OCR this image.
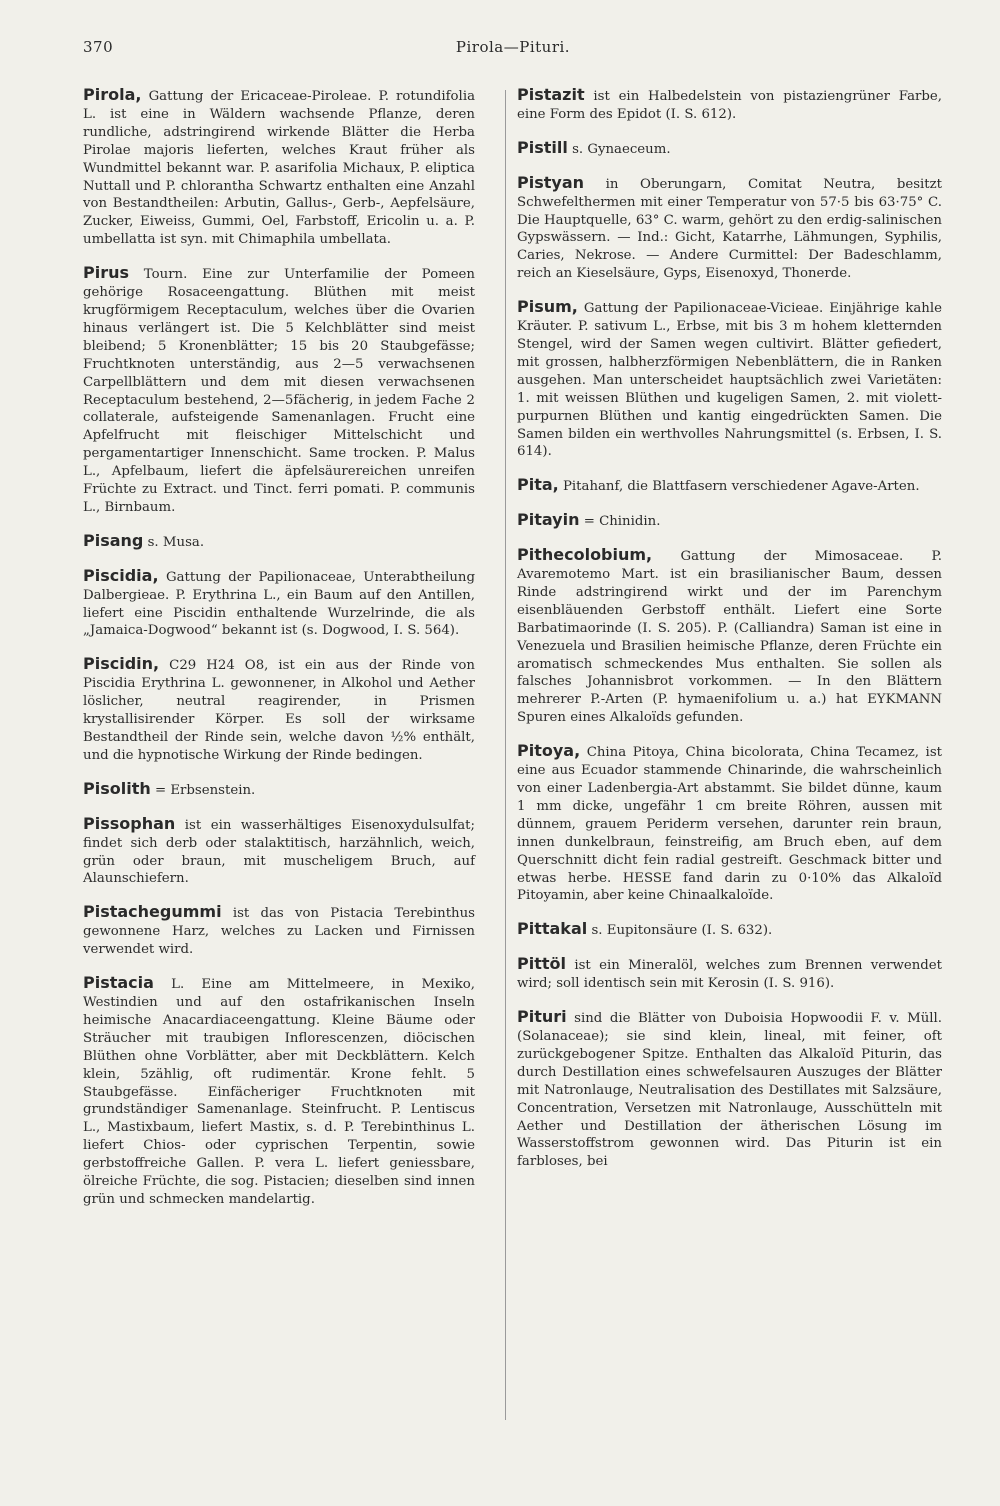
370	Pirola—Pituri.

Pirola, Gattung der Ericaceae-Piroleae. P. rotundifolia L. ist eine in Wäldern wachsende Pflanze, deren rundliche, adstringirend wirkende Blätter die Herba Pirolae majoris lieferten, welches Kraut früher als Wundmittel bekannt war. P. asarifolia Michaux, P. eliptica Nuttall und P. chlorantha Schwartz enthalten eine Anzahl von Bestandtheilen: Arbutin, Gallus-, Gerb-, Aepfelsäure, Zucker, Eiweiss, Gummi, Oel, Farbstoff, Ericolin u. a. P. umbellatta ist syn. mit Chimaphila umbellata.

Pirus Tourn. Eine zur Unterfamilie der Pomeen gehörige Rosaceengattung. Blüthen mit meist krugförmigem Receptaculum, welches über die Ovarien hinaus verlängert ist. Die 5 Kelchblätter sind meist bleibend; 5 Kronenblätter; 15 bis 20 Staubgefässe; Fruchtknoten unterständig, aus 2—5 verwachsenen Carpellblättern und dem mit diesen verwachsenen Receptaculum bestehend, 2—5fächerig, in jedem Fache 2 collaterale, aufsteigende Samenanlagen. Frucht eine Apfelfrucht mit fleischiger Mittelschicht und pergamentartiger Innenschicht. Same trocken. P. Malus L., Apfelbaum, liefert die äpfelsäurereichen unreifen Früchte zu Extract. und Tinct. ferri pomati. P. communis L., Birnbaum.

Pisang s. Musa.

Piscidia, Gattung der Papilionaceae, Unterabtheilung Dalbergieae. P. Erythrina L., ein Baum auf den Antillen, liefert eine Piscidin enthaltende Wurzelrinde, die als „Jamaica-Dogwood“ bekannt ist (s. Dogwood, I. S. 564).

Piscidin, C29 H24 O8, ist ein aus der Rinde von Piscidia Erythrina L. gewonnener, in Alkohol und Aether löslicher, neutral reagirender, in Prismen krystallisirender Körper. Es soll der wirksame Bestandtheil der Rinde sein, welche davon ½% enthält, und die hypnotische Wirkung der Rinde bedingen.

Pisolith = Erbsenstein.

Pissophan ist ein wasserhältiges Eisenoxydulsulfat; findet sich derb oder stalaktitisch, harzähnlich, weich, grün oder braun, mit muscheligem Bruch, auf Alaunschiefern.

Pistachegummi ist das von Pistacia Terebinthus gewonnene Harz, welches zu Lacken und Firnissen verwendet wird.

Pistacia L. Eine am Mittelmeere, in Mexiko, Westindien und auf den ostafrikanischen Inseln heimische Anacardiaceengattung. Kleine Bäume oder Sträucher mit traubigen Inflorescenzen, diöcischen Blüthen ohne Vorblätter, aber mit Deckblättern. Kelch klein, 5zählig, oft rudimentär. Krone fehlt. 5 Staubgefässe. Einfächeriger Fruchtknoten mit grundständiger Samenanlage. Steinfrucht. P. Lentiscus L., Mastixbaum, liefert Mastix, s. d. P. Terebinthinus L. liefert Chios- oder cyprischen Terpentin, sowie gerbstoffreiche Gallen. P. vera L. liefert geniessbare, ölreiche Früchte, die sog. Pistacien; dieselben sind innen grün und schmecken mandelartig.

Pistazit ist ein Halbedelstein von pistaziengrüner Farbe, eine Form des Epidot (I. S. 612).

Pistill s. Gynaeceum.

Pistyan in Oberungarn, Comitat Neutra, besitzt Schwefelthermen mit einer Temperatur von 57·5 bis 63·75° C. Die Hauptquelle, 63° C. warm, gehört zu den erdig-salinischen Gypswässern. — Ind.: Gicht, Katarrhe, Lähmungen, Syphilis, Caries, Nekrose. — Andere Curmittel: Der Badeschlamm, reich an Kieselsäure, Gyps, Eisenoxyd, Thonerde.

Pisum, Gattung der Papilionaceae-Vicieae. Einjährige kahle Kräuter. P. sativum L., Erbse, mit bis 3 m hohem kletternden Stengel, wird der Samen wegen cultivirt. Blätter gefiedert, mit grossen, halbherzförmigen Nebenblättern, die in Ranken ausgehen. Man unterscheidet hauptsächlich zwei Varietäten: 1. mit weissen Blüthen und kugeligen Samen, 2. mit violett-purpurnen Blüthen und kantig eingedrückten Samen. Die Samen bilden ein werthvolles Nahrungsmittel (s. Erbsen, I. S. 614).

Pita, Pitahanf, die Blattfasern verschiedener Agave-Arten.

Pitayin = Chinidin.

Pithecolobium, Gattung der Mimosaceae. P. Avaremotemo Mart. ist ein brasilianischer Baum, dessen Rinde adstringirend wirkt und der im Parenchym eisenbläuenden Gerbstoff enthält. Liefert eine Sorte Barbatimaorinde (I. S. 205). P. (Calliandra) Saman ist eine in Venezuela und Brasilien heimische Pflanze, deren Früchte ein aromatisch schmeckendes Mus enthalten. Sie sollen als falsches Johannisbrot vorkommen. — In den Blättern mehrerer P.-Arten (P. hymaenifolium u. a.) hat EYKMANN Spuren eines Alkaloïds gefunden.

Pitoya, China Pitoya, China bicolorata, China Tecamez, ist eine aus Ecuador stammende Chinarinde, die wahrscheinlich von einer Ladenbergia-Art abstammt. Sie bildet dünne, kaum 1 mm dicke, ungefähr 1 cm breite Röhren, aussen mit dünnem, grauem Periderm versehen, darunter rein braun, innen dunkelbraun, feinstreifig, am Bruch eben, auf dem Querschnitt dicht fein radial gestreift. Geschmack bitter und etwas herbe. HESSE fand darin zu 0·10% das Alkaloïd Pitoyamin, aber keine Chinaalkaloïde.

Pittakal s. Eupitonsäure (I. S. 632).

Pittöl ist ein Mineralöl, welches zum Brennen verwendet wird; soll identisch sein mit Kerosin (I. S. 916).

Pituri sind die Blätter von Duboisia Hopwoodii F. v. Müll. (Solanaceae); sie sind klein, lineal, mit feiner, oft zurückgebogener Spitze. Enthalten das Alkaloïd Piturin, das durch Destillation eines schwefelsauren Auszuges der Blätter mit Natronlauge, Neutralisation des Destillates mit Salzsäure, Concentration, Versetzen mit Natronlauge, Ausschütteln mit Aether und Destillation der ätherischen Lösung im Wasserstoffstrom gewonnen wird. Das Piturin ist ein farbloses, bei
